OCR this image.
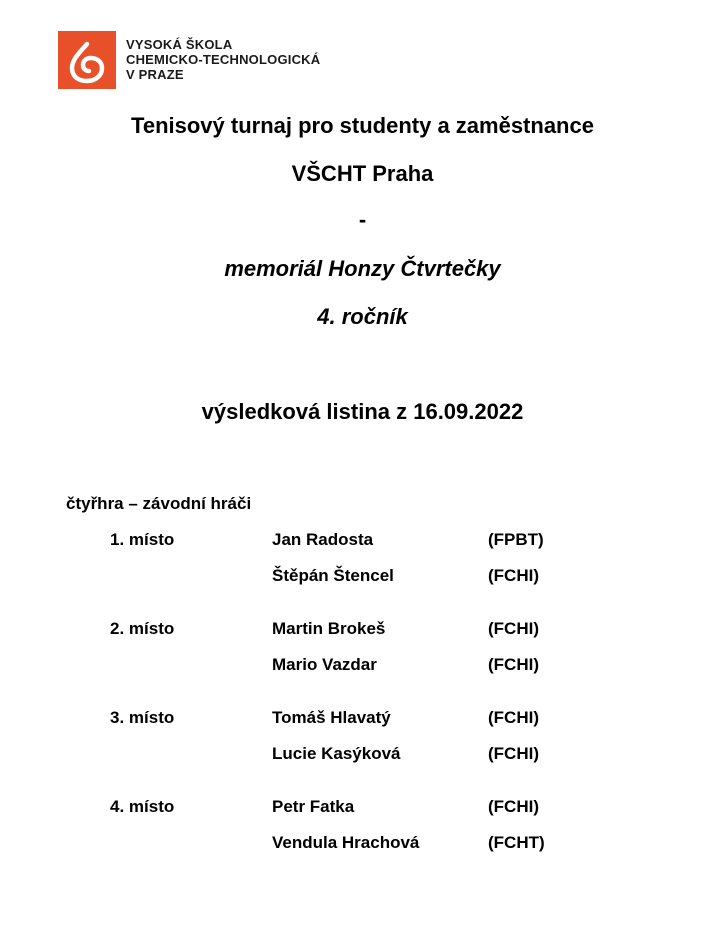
VYSOKÁ ŠKOLA
CHEMICKO-TECHNOLOGICKÁ
V PRAZE
Tenisový turnaj pro studenty a zaměstnance
VŠCHT Praha
-
memoriál Honzy Čtvrtečky
4. ročník
výsledková listina z 16.09.2022
čtyřhra – závodní hráči
1. místo	Jan Radosta	(FPBT)
Štěpán Štencel	(FCHI)
2. místo	Martin Brokeš	(FCHI)
Mario Vazdar	(FCHI)
3. místo	Tomáš Hlavatý	(FCHI)
Lucie Kasýková	(FCHI)
4. místo	Petr Fatka	(FCHI)
Vendula Hrachová	(FCHT)
